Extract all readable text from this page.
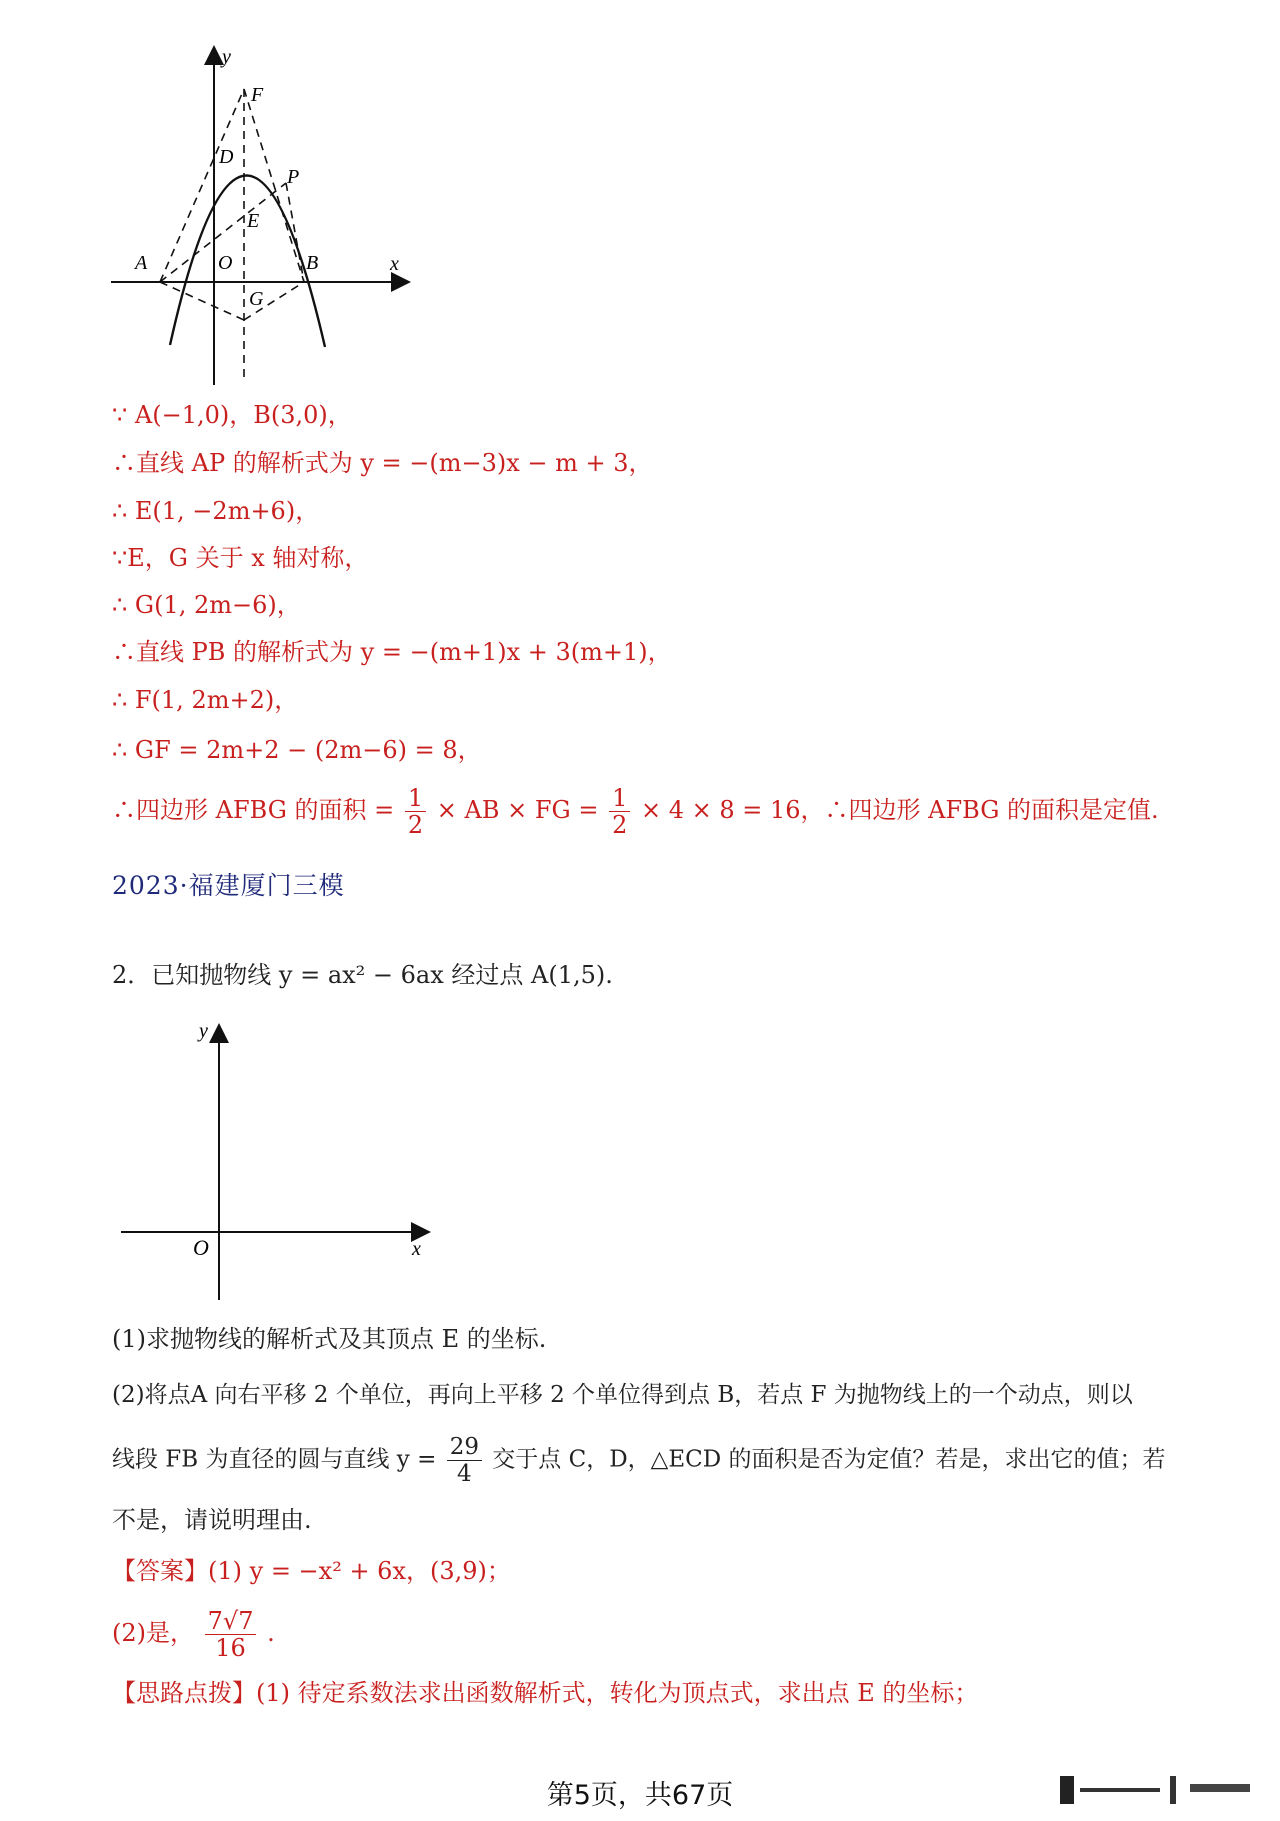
y
F
D
P
E
A	O	B	x
G
∵ A(−1,0)，B(3,0)，
∴直线 AP 的解析式为 y = −(m−3)x − m + 3，
∴ E(1, −2m+6)，
∵E，G 关于 x 轴对称，
∴ G(1, 2m−6)，
∴直线 PB 的解析式为 y = −(m+1)x + 3(m+1)，
∴ F(1, 2m+2)，
∴ GF = 2m+2 − (2m−6) = 8，
∴四边形 AFBG 的面积 = $\frac{1}{2}$ × AB × FG = $\frac{1}{2} \times 4 \times 8 = 16$，∴四边形 AFBG 的面积是定值.
2023·福建厦门三模
2．已知抛物线 y = ax² − 6ax 经过点 A(1,5).
y
x
O
(1)求抛物线的解析式及其顶点 E 的坐标.
(2)将点A 向右平移 2 个单位，再向上平移 2 个单位得到点 B，若点 F 为抛物线上的一个动点，则以
线段 FB 为直径的圆与直线 $y = \frac{29}{4}$ 交于点 C，D，△ECD 的面积是否为定值？若是，求出它的值；若
不是，请说明理由.
【答案】(1) y = −x² + 6x，(3,9)；
(2)是， $\frac{7√7}{16}$ .
【思路点拨】(1) 待定系数法求出函数解析式，转化为顶点式，求出点 E 的坐标；
第5页，共67页
